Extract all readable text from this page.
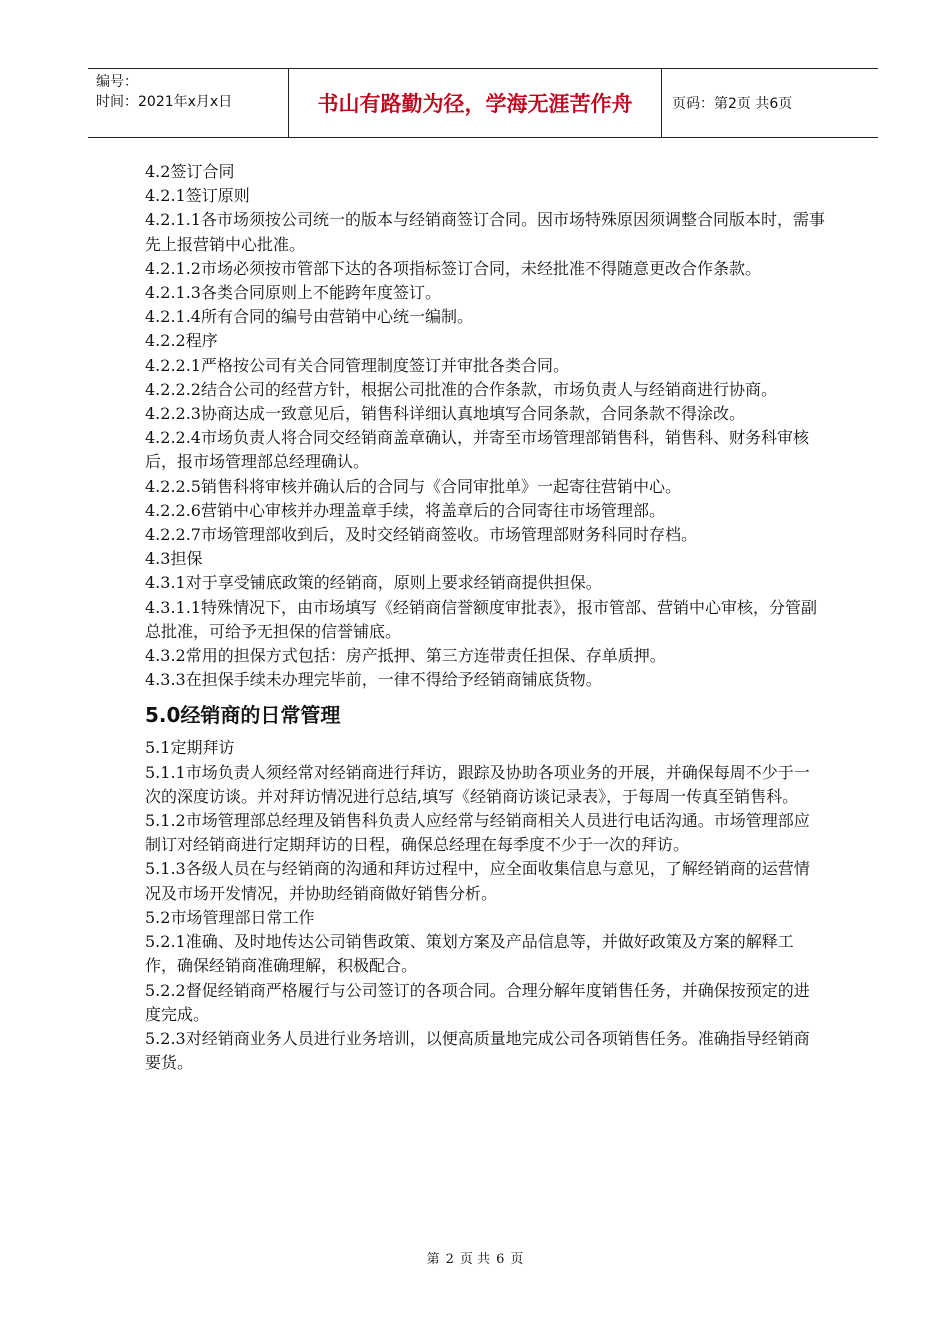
编号：
时间：2021年x月x日	书山有路勤为径，学海无涯苦作舟	页码：第2页 共6页

4.2签订合同

4.2.1签订原则

4.2.1.1各市场须按公司统一的版本与经销商签订合同。因市场特殊原因须调整合同版本时，需事先上报营销中心批准。

4.2.1.2市场必须按市管部下达的各项指标签订合同，未经批准不得随意更改合作条款。

4.2.1.3各类合同原则上不能跨年度签订。

4.2.1.4所有合同的编号由营销中心统一编制。

4.2.2程序

4.2.2.1严格按公司有关合同管理制度签订并审批各类合同。

4.2.2.2结合公司的经营方针，根据公司批准的合作条款，市场负责人与经销商进行协商。

4.2.2.3协商达成一致意见后，销售科详细认真地填写合同条款，合同条款不得涂改。

4.2.2.4市场负责人将合同交经销商盖章确认，并寄至市场管理部销售科，销售科、财务科审核后，报市场管理部总经理确认。

4.2.2.5销售科将审核并确认后的合同与《合同审批单》一起寄往营销中心。

4.2.2.6营销中心审核并办理盖章手续，将盖章后的合同寄往市场管理部。

4.2.2.7市场管理部收到后，及时交经销商签收。市场管理部财务科同时存档。

4.3担保

4.3.1对于享受铺底政策的经销商，原则上要求经销商提供担保。

4.3.1.1特殊情况下，由市场填写《经销商信誉额度审批表》，报市管部、营销中心审核，分管副总批准，可给予无担保的信誉铺底。

4.3.2常用的担保方式包括：房产抵押、第三方连带责任担保、存单质押。

4.3.3在担保手续未办理完毕前，一律不得给予经销商铺底货物。

5.0经销商的日常管理

5.1定期拜访

5.1.1市场负责人须经常对经销商进行拜访，跟踪及协助各项业务的开展，并确保每周不少于一次的深度访谈。并对拜访情况进行总结,填写《经销商访谈记录表》，于每周一传真至销售科。

5.1.2市场管理部总经理及销售科负责人应经常与经销商相关人员进行电话沟通。市场管理部应制订对经销商进行定期拜访的日程，确保总经理在每季度不少于一次的拜访。

5.1.3各级人员在与经销商的沟通和拜访过程中，应全面收集信息与意见，了解经销商的运营情况及市场开发情况，并协助经销商做好销售分析。

5.2市场管理部日常工作

5.2.1准确、及时地传达公司销售政策、策划方案及产品信息等，并做好政策及方案的解释工作，确保经销商准确理解，积极配合。

5.2.2督促经销商严格履行与公司签订的各项合同。合理分解年度销售任务，并确保按预定的进度完成。

5.2.3对经销商业务人员进行业务培训，以便高质量地完成公司各项销售任务。准确指导经销商要货。

第 2 页 共 6 页
